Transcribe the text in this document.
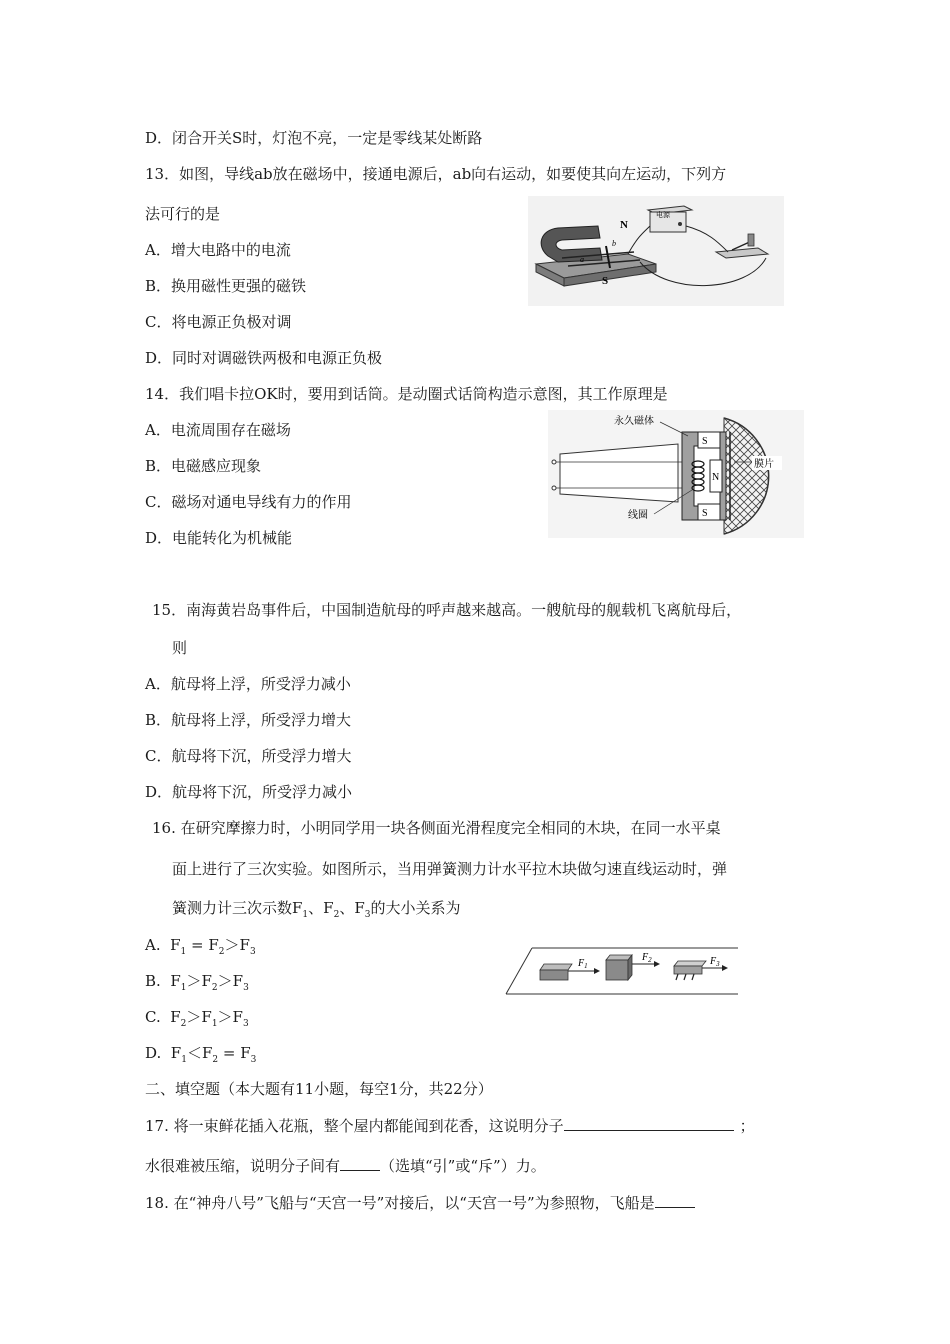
D．闭合开关S时，灯泡不亮，一定是零线某处断路
13．如图，导线ab放在磁场中，接通电源后，ab向右运动，如要使其向左运动，下列方
法可行的是
A．增大电路中的电流
B．换用磁性更强的磁铁
C．将电源正负极对调
D．同时对调磁铁两极和电源正负极
N
S
b
a
电源
14．我们唱卡拉OK时，要用到话筒。是动圈式话筒构造示意图，其工作原理是
A．电流周围存在磁场
B．电磁感应现象
C．磁场对通电导线有力的作用
D．电能转化为机械能
S
N
S
永久磁体
膜片
线圈
15．南海黄岩岛事件后，中国制造航母的呼声越来越高。一艘航母的舰载机飞离航母后，
则
A．航母将上浮，所受浮力减小
B．航母将上浮，所受浮力增大
C．航母将下沉，所受浮力增大
D．航母将下沉，所受浮力减小
16. 在研究摩擦力时，小明同学用一块各侧面光滑程度完全相同的木块，在同一水平桌
面上进行了三次实验。如图所示，当用弹簧测力计水平拉木块做匀速直线运动时，弹
簧测力计三次示数$F_1$、$F_2$、$F_3$的大小关系为
A.  $F_1 = F_2>F_3$
B.  $F_1>F_2>F_3$
C.  $F_2>F_1>F_3$
D.  $F_1<F_2 = F_3$
$F_1$
$F_2$	$F_3$
二、填空题（本大题有11小题，每空1分，共22分）
17. 将一束鲜花插入花瓶，整个屋内都能闻到花香，这说明分子	；
水很难被压缩，说明分子间有	（选填“引”或“斥”）力。
18. 在“神舟八号”飞船与“天宫一号”对接后，以“天宫一号”为参照物，飞船是
